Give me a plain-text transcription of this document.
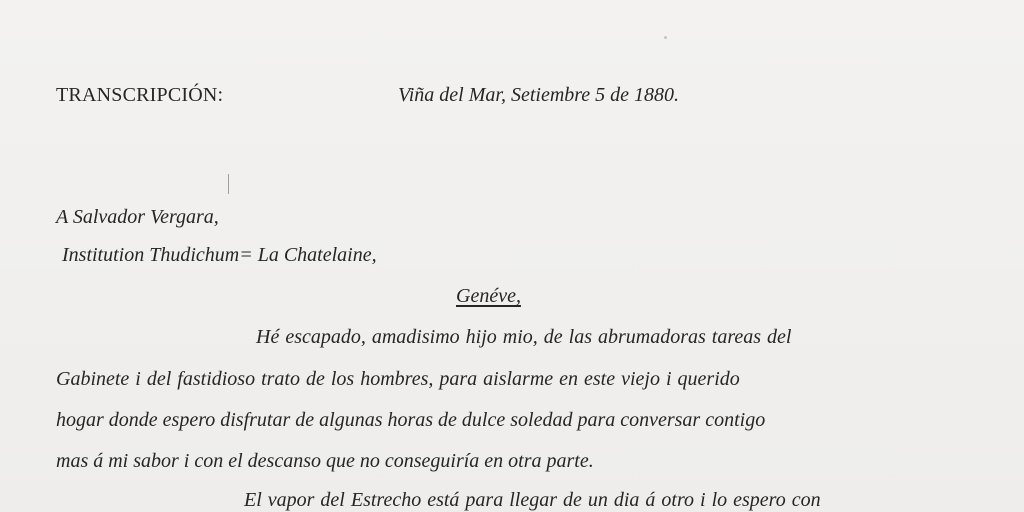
TRANSCRIPCIÓN:	Viña del Mar, Setiembre 5 de 1880.
A Salvador Vergara,
Institution Thudichum= La Chatelaine,
Genéve,
Hé escapado, amadisimo hijo mio, de las abrumadoras tareas del
Gabinete i del fastidioso trato de los hombres, para aislarme en este viejo i querido
hogar donde espero disfrutar de algunas horas de dulce soledad para conversar contigo
mas á mi sabor i con el descanso que no conseguiría en otra parte.
El vapor del Estrecho está para llegar de un dia á otro i lo espero con
